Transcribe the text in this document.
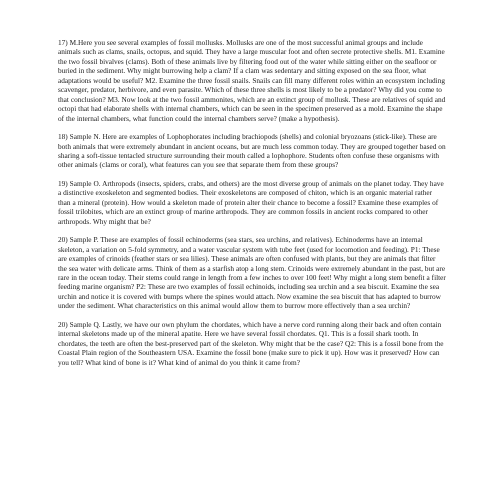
17) M.Here you see several examples of fossil mollusks. Mollusks are one of the most successful animal groups and include animals such as clams, snails, octopus, and squid. They have a large muscular foot and often secrete protective shells. M1. Examine the two fossil bivalves (clams). Both of these animals live by filtering food out of the water while sitting either on the seafloor or buried in the sediment. Why might burrowing help a clam? If a clam was sedentary and sitting exposed on the sea floor, what adaptations would be useful? M2. Examine the three fossil snails. Snails can fill many different roles within an ecosystem including scavenger, predator, herbivore, and even parasite. Which of these three shells is most likely to be a predator? Why did you come to that conclusion? M3. Now look at the two fossil ammonites, which are an extinct group of mollusk. These are relatives of squid and octopi that had elaborate shells with internal chambers, which can be seen in the specimen preserved as a mold. Examine the shape of the internal chambers, what function could the internal chambers serve? (make a hypothesis).

18) Sample N. Here are examples of Lophophorates including brachiopods (shells) and colonial bryozoans (stick-like). These are both animals that were extremely abundant in ancient oceans, but are much less common today. They are grouped together based on sharing a soft-tissue tentacled structure surrounding their mouth called a lophophore. Students often confuse these organisms with other animals (clams or coral), what features can you see that separate them from these groups?

19) Sample O. Arthropods (insects, spiders, crabs, and others) are the most diverse group of animals on the planet today. They have a distinctive exoskeleton and segmented bodies. Their exoskeletons are composed of chiton, which is an organic material rather than a mineral (protein). How would a skeleton made of protein alter their chance to become a fossil? Examine these examples of fossil trilobites, which are an extinct group of marine arthropods. They are common fossils in ancient rocks compared to other arthropods. Why might that be?

20) Sample P. These are examples of fossil echinoderms (sea stars, sea urchins, and relatives). Echinoderms have an internal skeleton, a variation on 5-fold symmetry, and a water vascular system with tube feet (used for locomotion and feeding). P1: These are examples of crinoids (feather stars or sea lilies). These animals are often confused with plants, but they are animals that filter the sea water with delicate arms. Think of them as a starfish atop a long stem. Crinoids were extremely abundant in the past, but are rare in the ocean today. Their stems could range in length from a few inches to over 100 feet! Why might a long stem benefit a filter feeding marine organism? P2: These are two examples of fossil echinoids, including sea urchin and a sea biscuit. Examine the sea urchin and notice it is covered with bumps where the spines would attach. Now examine the sea biscuit that has adapted to burrow under the sediment. What characteristics on this animal would allow them to burrow more effectively than a sea urchin?

20) Sample Q. Lastly, we have our own phylum the chordates, which have a nerve cord running along their back and often contain internal skeletons made up of the mineral apatite. Here we have several fossil chordates. Q1. This is a fossil shark tooth. In chordates, the teeth are often the best-preserved part of the skeleton. Why might that be the case? Q2: This is a fossil bone from the Coastal Plain region of the Southeastern USA. Examine the fossil bone (make sure to pick it up). How was it preserved? How can you tell? What kind of bone is it? What kind of animal do you think it came from?
